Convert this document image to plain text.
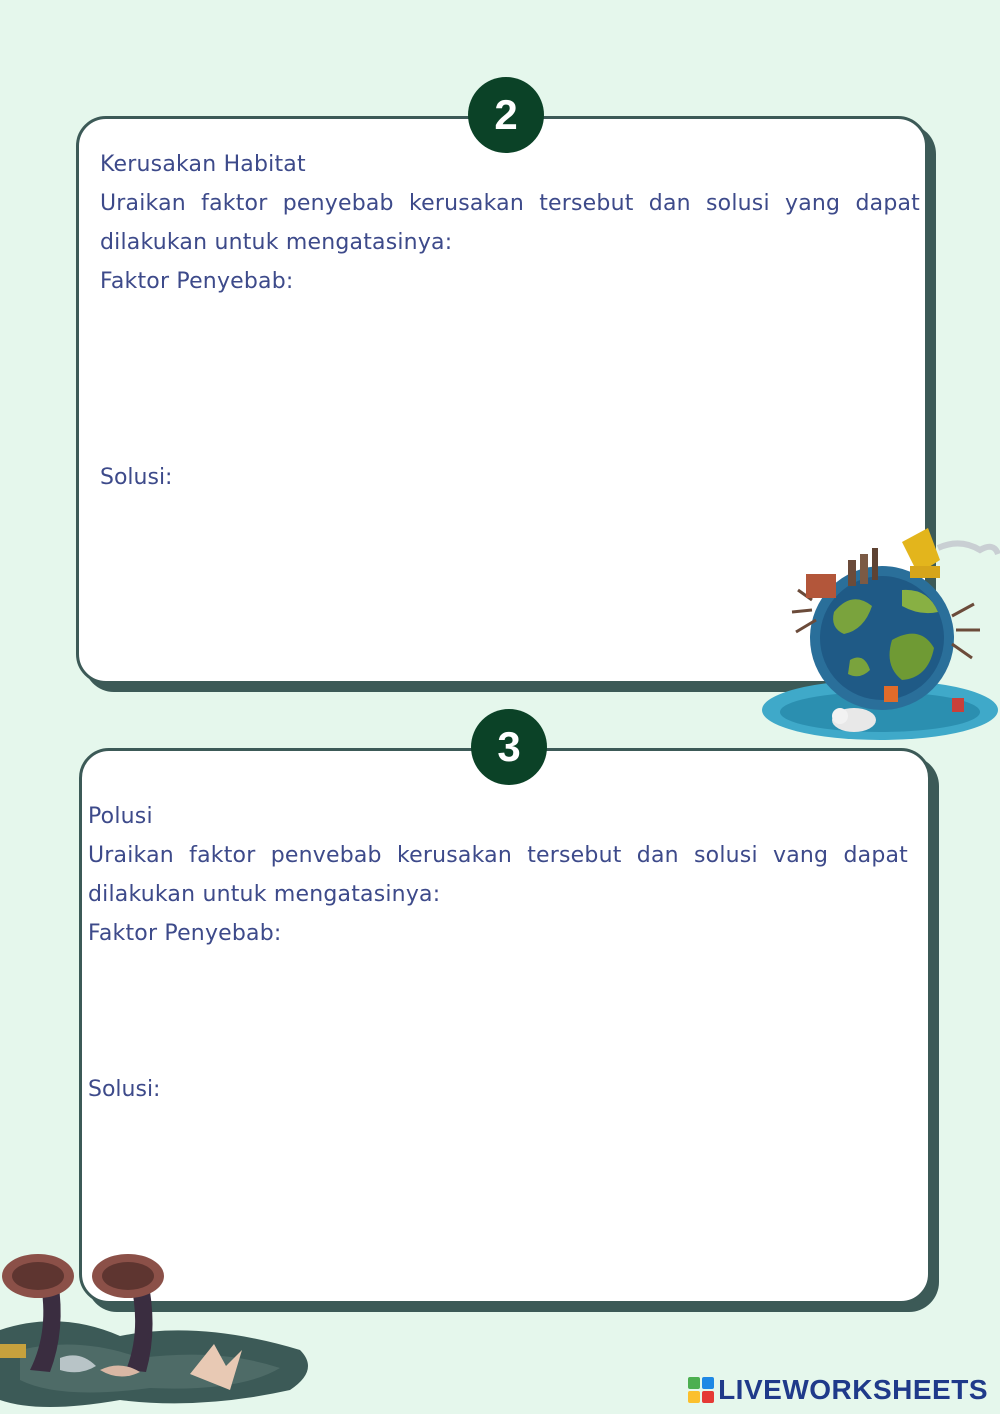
2
Kerusakan Habitat
Uraikan faktor penyebab kerusakan tersebut dan solusi yang dapat
dilakukan untuk mengatasinya:
Faktor Penyebab:
Solusi:
3
Polusi
Uraikan faktor penvebab kerusakan tersebut dan solusi vang dapat
dilakukan untuk mengatasinya:
Faktor Penyebab:
Solusi:
LIVEWORKSHEETS
